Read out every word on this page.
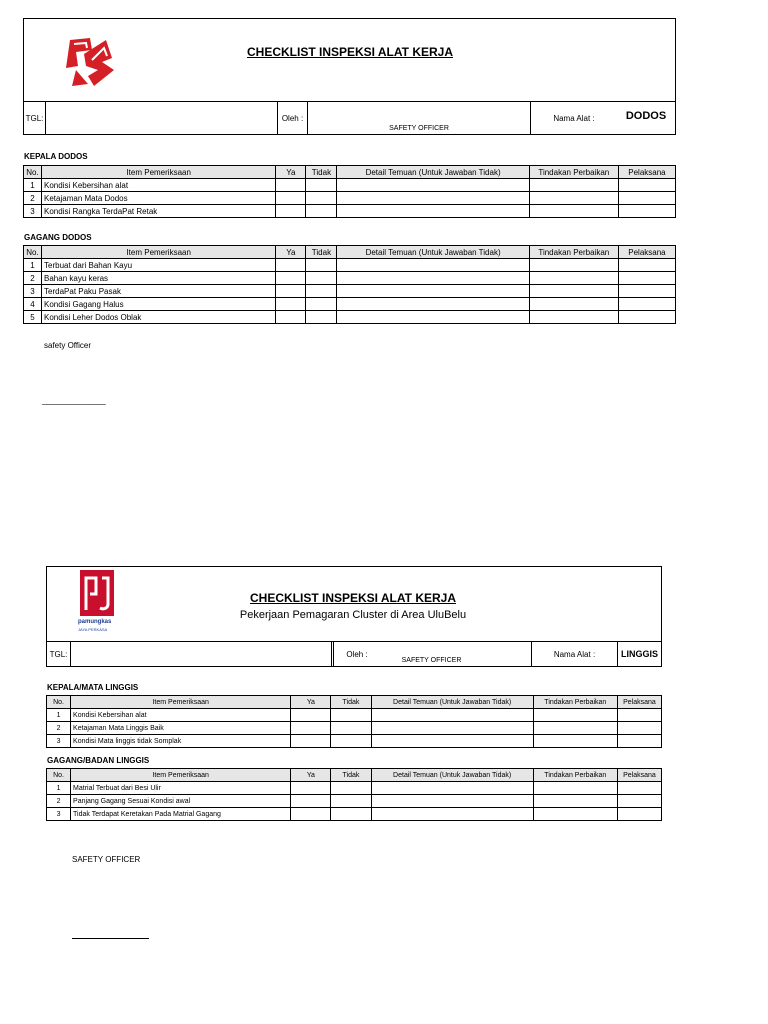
CHECKLIST INSPEKSI ALAT KERJA
TGL:	Oleh :
SAFETY OFFICER
Nama Alat :	DODOS
KEPALA DODOS
No.	Item Pemeriksaan	Ya	Tidak	Detail Temuan (Untuk Jawaban Tidak)	Tindakan Perbaikan	Pelaksana
1	Kondisi Kebersihan alat					
2	Ketajaman Mata Dodos					
3	Kondisi Rangka TerdaPat Retak					
GAGANG DODOS
No.	Item Pemeriksaan	Ya	Tidak	Detail Temuan (Untuk Jawaban Tidak)	Tindakan Perbaikan	Pelaksana
1	Terbuat dari Bahan Kayu					
2	Bahan kayu keras					
3	TerdaPat Paku Pasak					
4	Kondisi Gagang Halus					
5	Kondisi Leher Dodos Oblak					
safety Officer
________________
pamungkas
JAYA PERKASA
CHECKLIST INSPEKSI ALAT KERJA
Pekerjaan Pemagaran Cluster di Area UluBelu
TGL:	Oleh :
SAFETY OFFICER
Nama Alat :	LINGGIS
KEPALA/MATA LINGGIS
No.	Item Pemeriksaan	Ya	Tidak	Detail Temuan (Untuk Jawaban Tidak)	Tindakan Perbaikan	Pelaksana
1	Kondisi Kebersihan alat					
2	Ketajaman Mata Linggis Baik					
3	Kondisi Mata linggis tidak Somplak					
GAGANG/BADAN LINGGIS
No.	Item Pemeriksaan	Ya	Tidak	Detail Temuan (Untuk Jawaban Tidak)	Tindakan Perbaikan	Pelaksana
1	Matrial Terbuat dari Besi Ulir					
2	Panjang Gagang Sesuai Kondisi awal					
3	Tidak Terdapat Keretakan Pada Matrial Gagang					
SAFETY OFFICER
